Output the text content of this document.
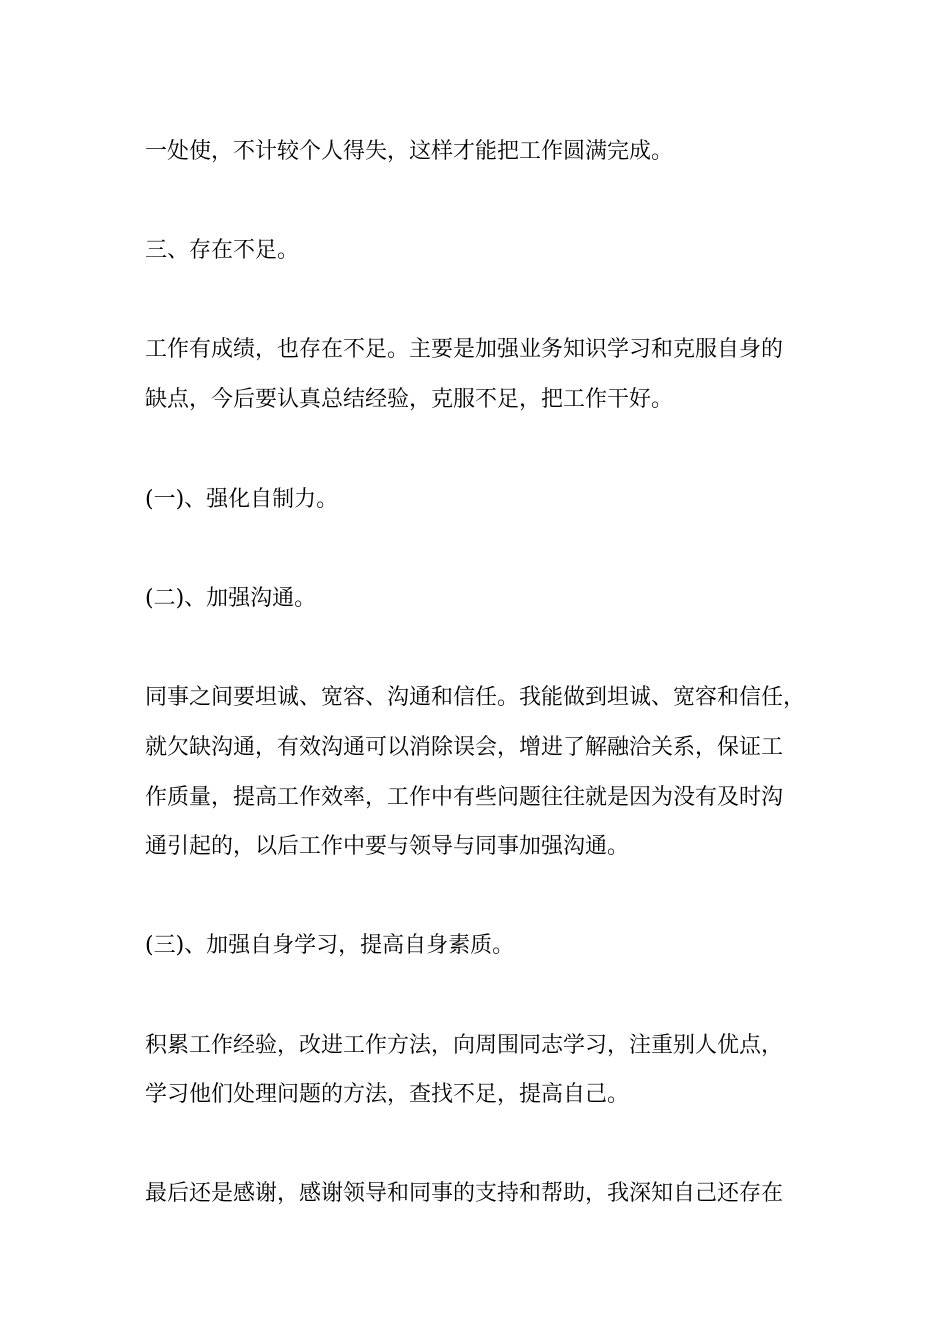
一处使，不计较个人得失，这样才能把工作圆满完成。

三、存在不足。

工作有成绩，也存在不足。主要是加强业务知识学习和克服自身的

缺点，今后要认真总结经验，克服不足，把工作干好。

(一)、强化自制力。

(二)、加强沟通。

同事之间要坦诚、宽容、沟通和信任。我能做到坦诚、宽容和信任，

就欠缺沟通，有效沟通可以消除误会，增进了解融洽关系，保证工

作质量，提高工作效率，工作中有些问题往往就是因为没有及时沟

通引起的，以后工作中要与领导与同事加强沟通。

(三)、加强自身学习，提高自身素质。

积累工作经验，改进工作方法，向周围同志学习，注重别人优点，

学习他们处理问题的方法，查找不足，提高自己。

最后还是感谢，感谢领导和同事的支持和帮助，我深知自己还存在
